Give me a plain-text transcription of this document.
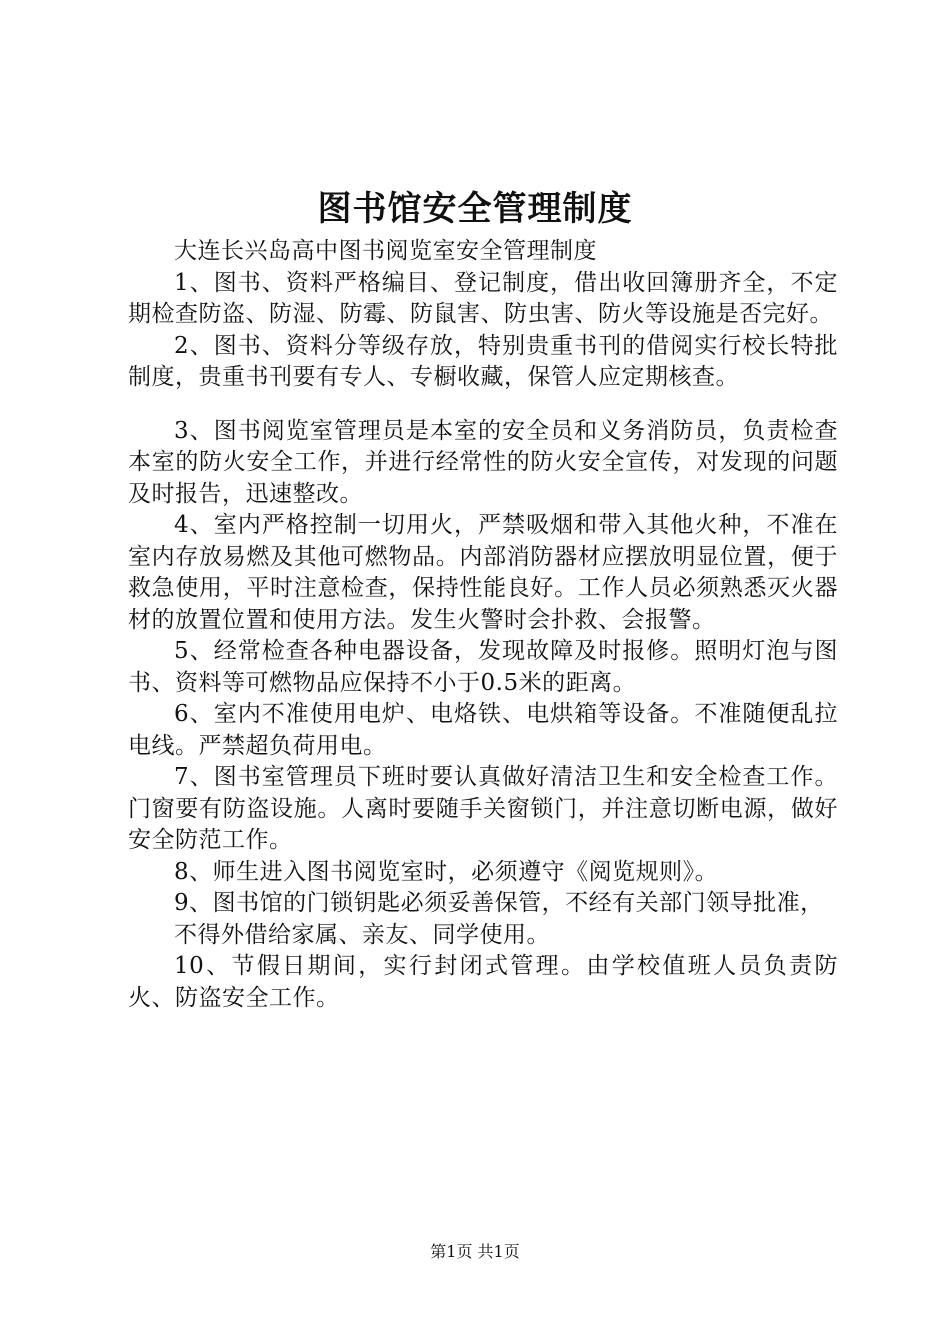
图书馆安全管理制度

大连长兴岛高中图书阅览室安全管理制度

1、图书、资料严格编目、登记制度，借出收回簿册齐全，不定期检查防盗、防湿、防霉、防鼠害、防虫害、防火等设施是否完好。

2、图书、资料分等级存放，特别贵重书刊的借阅实行校长特批制度，贵重书刊要有专人、专橱收藏，保管人应定期核查。

3、图书阅览室管理员是本室的安全员和义务消防员，负责检查本室的防火安全工作，并进行经常性的防火安全宣传，对发现的问题及时报告，迅速整改。

4、室内严格控制一切用火，严禁吸烟和带入其他火种，不准在室内存放易燃及其他可燃物品。内部消防器材应摆放明显位置，便于救急使用，平时注意检查，保持性能良好。工作人员必须熟悉灭火器材的放置位置和使用方法。发生火警时会扑救、会报警。

5、经常检查各种电器设备，发现故障及时报修。照明灯泡与图书、资料等可燃物品应保持不小于0.5米的距离。

6、室内不准使用电炉、电烙铁、电烘箱等设备。不准随便乱拉电线。严禁超负荷用电。

7、图书室管理员下班时要认真做好清洁卫生和安全检查工作。门窗要有防盗设施。人离时要随手关窗锁门，并注意切断电源，做好安全防范工作。

8、师生进入图书阅览室时，必须遵守《阅览规则》。

9、图书馆的门锁钥匙必须妥善保管，不经有关部门领导批准，

不得外借给家属、亲友、同学使用。

10、节假日期间，实行封闭式管理。由学校值班人员负责防火、防盗安全工作。

第1页 共1页
